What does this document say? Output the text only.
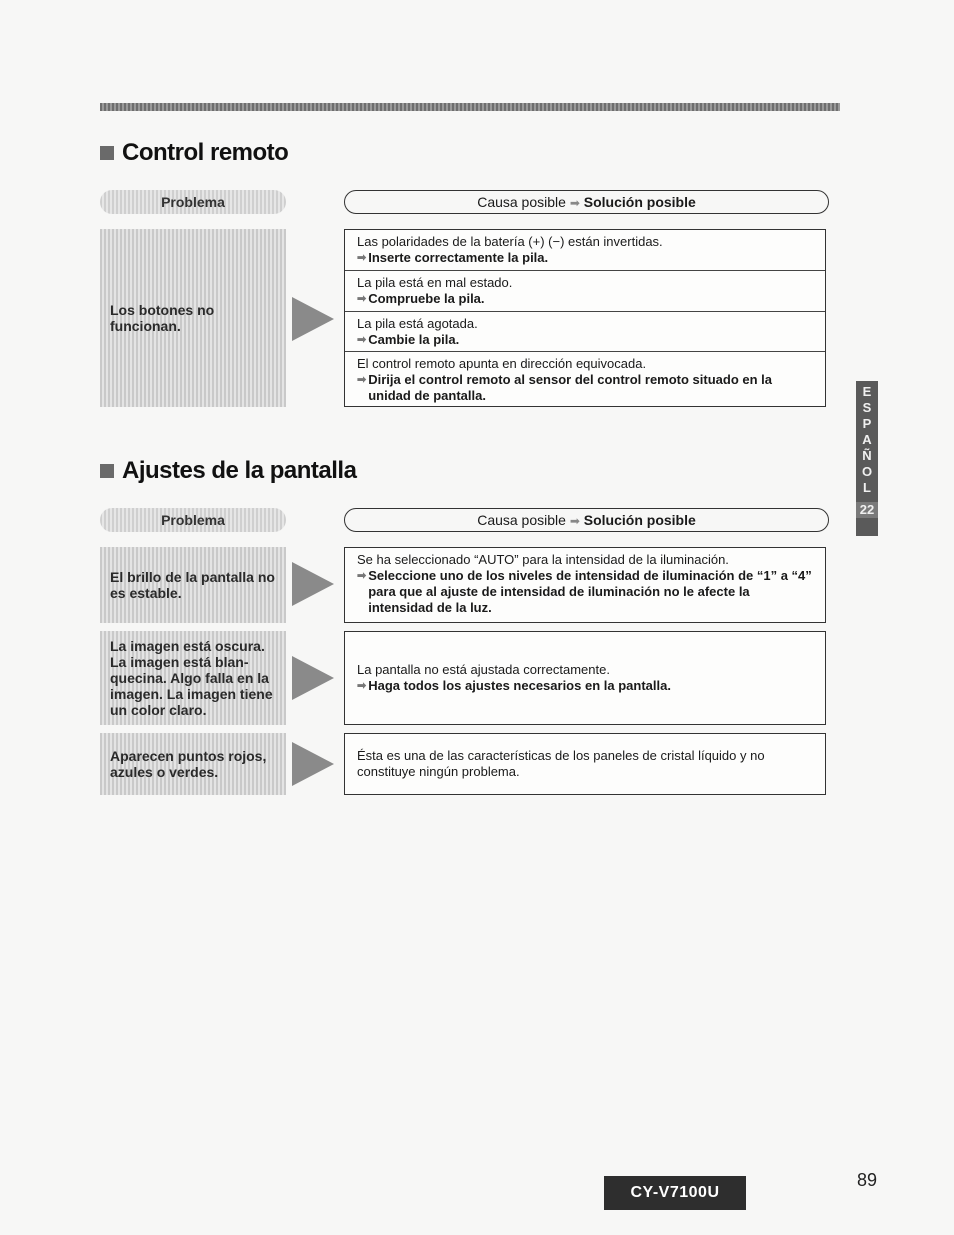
Control remoto
Problema	Causa posible ➡ Solución posible
Los botones no funcionan.
Las polaridades de la batería (+) (−) están invertidas.
➡ Inserte correctamente la pila.
La pila está en mal estado.
➡ Compruebe la pila.
La pila está agotada.
➡ Cambie la pila.
El control remoto apunta en dirección equivocada.
➡ Dirija el control remoto al sensor del control remoto situado en la unidad de pantalla.
Ajustes de la pantalla
Problema	Causa posible ➡ Solución posible
El brillo de la pantalla no es estable.
Se ha seleccionado “AUTO” para la intensidad de la iluminación.
➡ Seleccione uno de los niveles de intensidad de iluminación de “1” a “4” para que al ajuste de intensidad de iluminación no le afecte la intensidad de la luz.
La imagen está oscura. La imagen está blan-quecina. Algo falla en la imagen. La imagen tiene un color claro.
La pantalla no está ajustada correctamente.
➡ Haga todos los ajustes necesarios en la pantalla.
Aparecen puntos rojos, azules o verdes.
Ésta es una de las características de los paneles de cristal líquido y no constituye ningún problema.
E
S
P
A
Ñ
O
L
22
CY-V7100U
89
